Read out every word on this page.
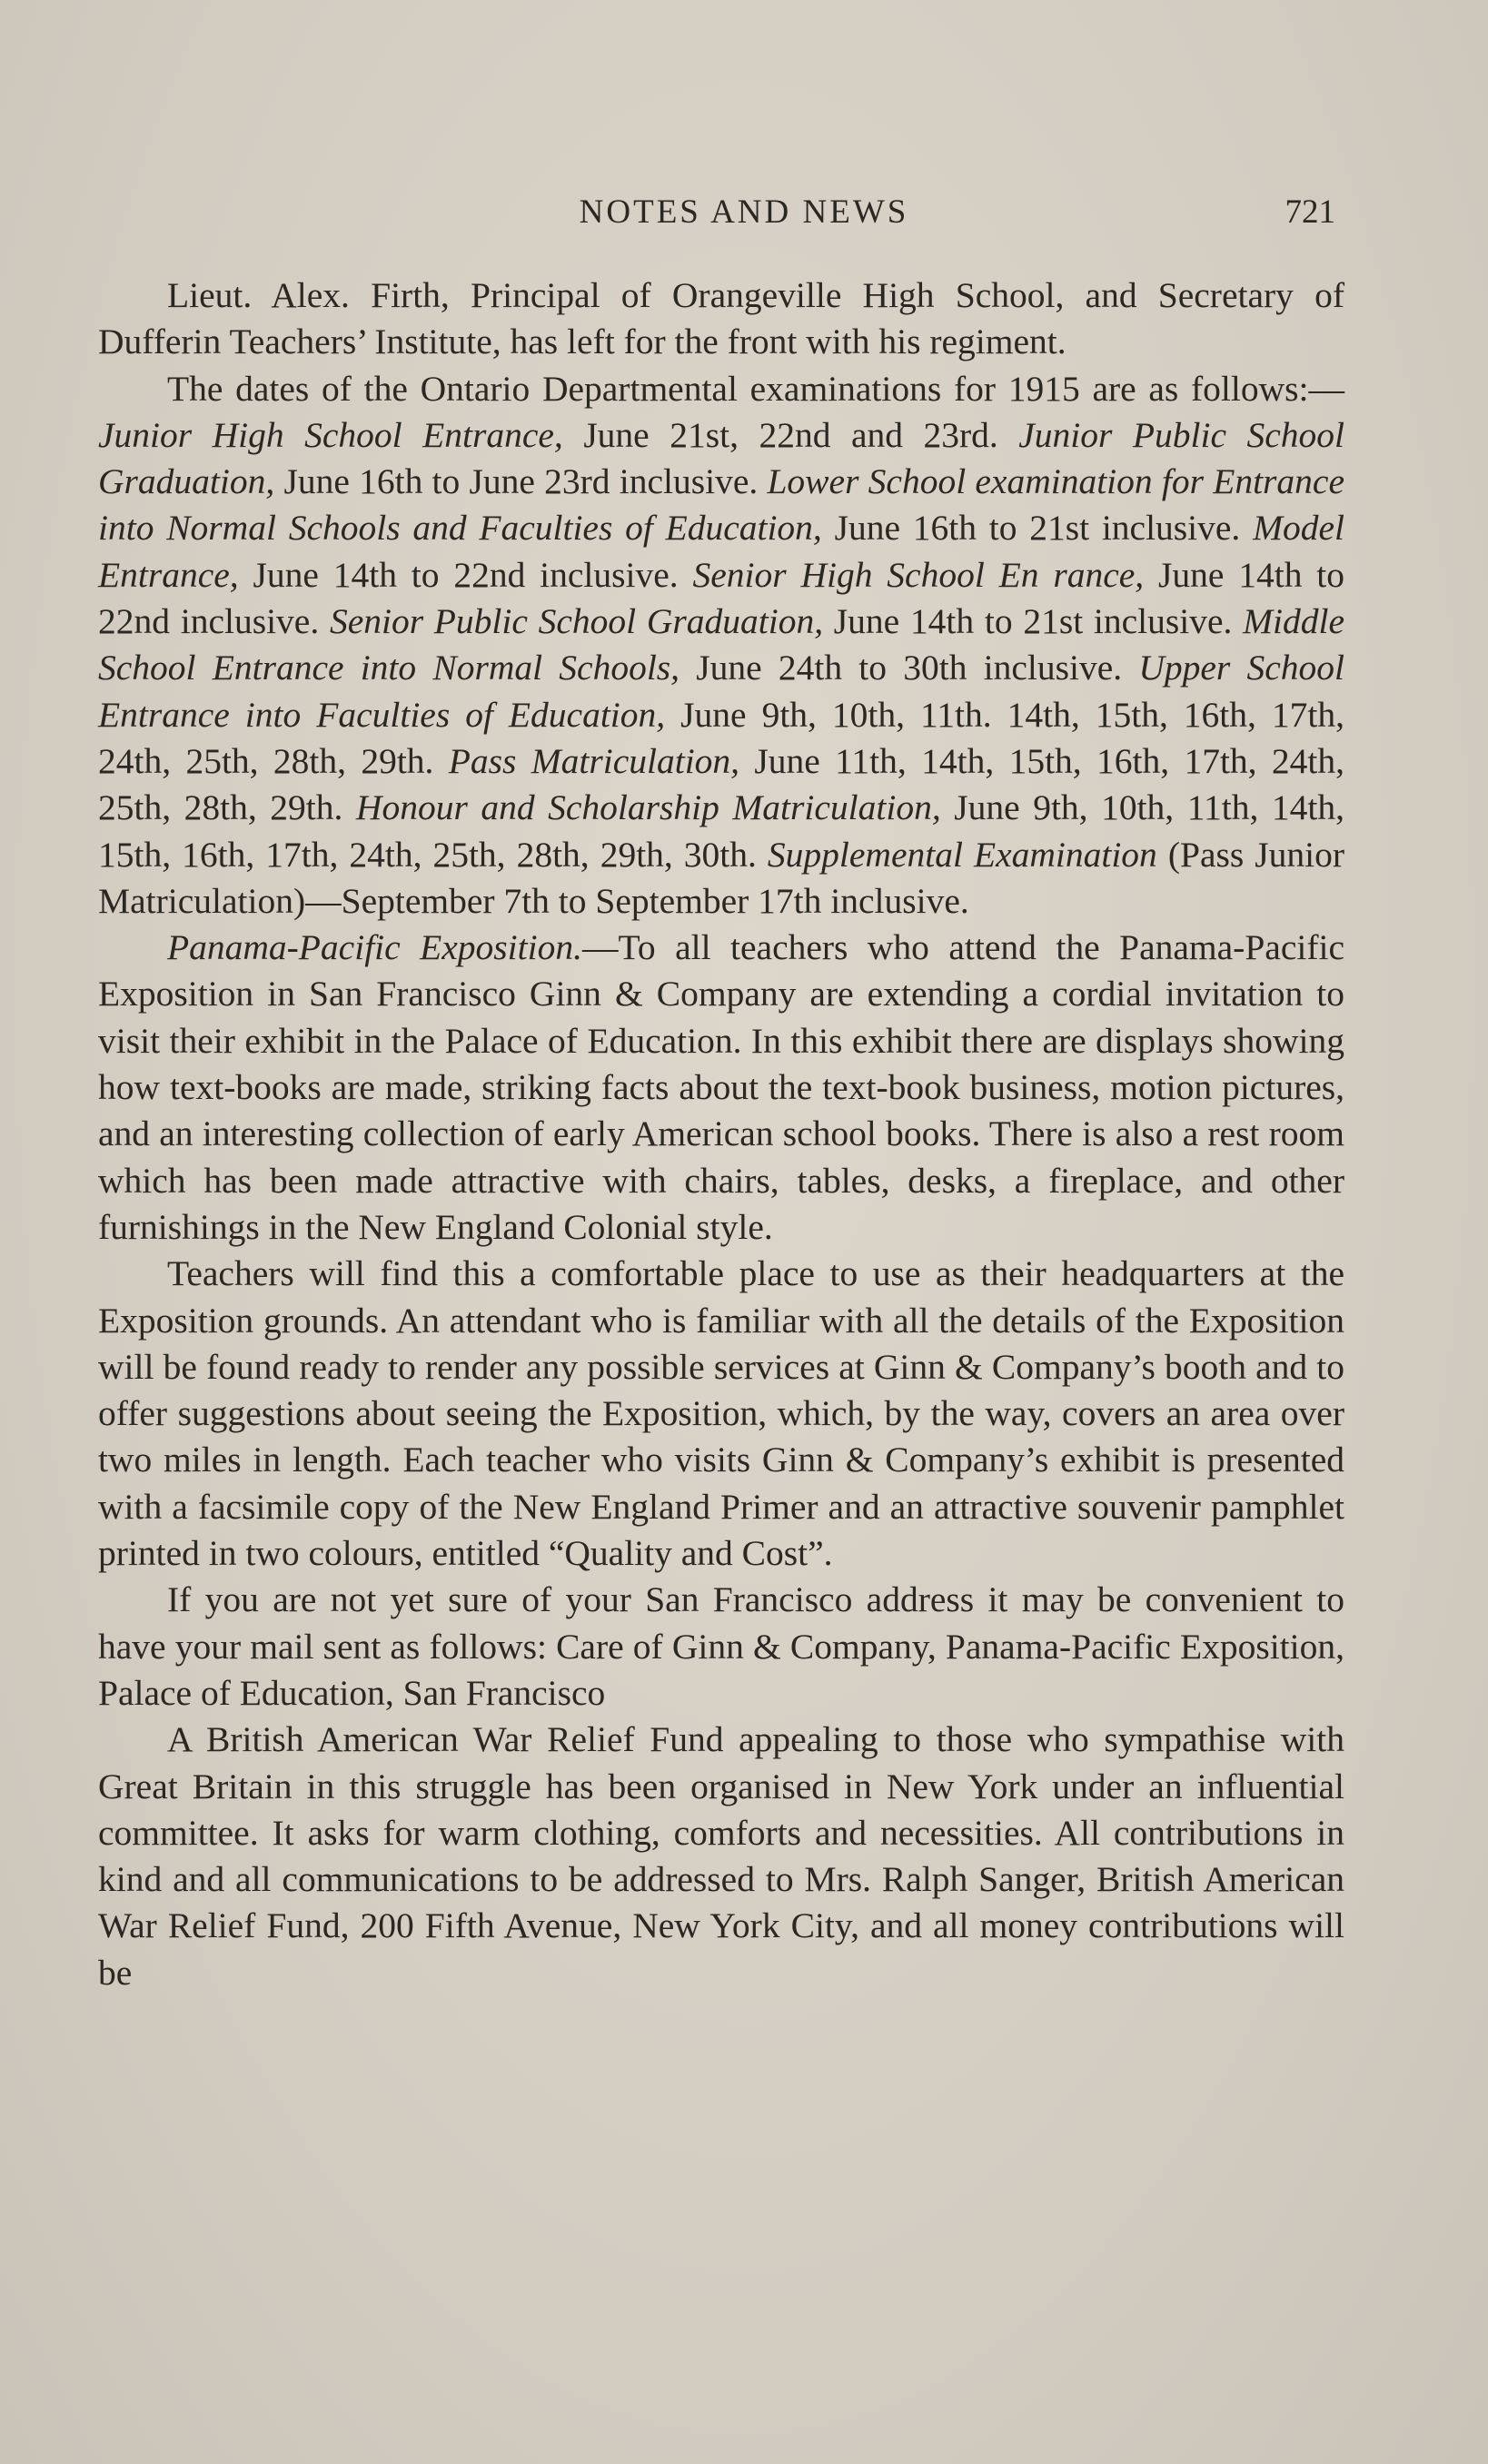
NOTES AND NEWS	721

Lieut. Alex. Firth, Principal of Orangeville High School, and Secretary of Dufferin Teachers’ Institute, has left for the front with his regiment.

The dates of the Ontario Departmental examinations for 1915 are as follows:—Junior High School Entrance, June 21st, 22nd and 23rd. Junior Public School Graduation, June 16th to June 23rd inclusive. Lower School examination for Entrance into Normal Schools and Faculties of Education, June 16th to 21st inclusive. Model Entrance, June 14th to 22nd inclusive. Senior High School En rance, June 14th to 22nd inclusive. Senior Public School Graduation, June 14th to 21st inclusive. Middle School Entrance into Normal Schools, June 24th to 30th inclusive. Upper School Entrance into Faculties of Education, June 9th, 10th, 11th. 14th, 15th, 16th, 17th, 24th, 25th, 28th, 29th. Pass Matriculation, June 11th, 14th, 15th, 16th, 17th, 24th, 25th, 28th, 29th. Honour and Scholarship Matriculation, June 9th, 10th, 11th, 14th, 15th, 16th, 17th, 24th, 25th, 28th, 29th, 30th. Supplemental Examination (Pass Junior Matriculation)—September 7th to September 17th inclusive.

Panama-Pacific Exposition.—To all teachers who attend the Panama-Pacific Exposition in San Francisco Ginn & Company are extending a cordial invitation to visit their exhibit in the Palace of Education. In this exhibit there are displays showing how text-books are made, striking facts about the text-book business, motion pictures, and an interesting collection of early American school books. There is also a rest room which has been made attractive with chairs, tables, desks, a fireplace, and other furnishings in the New England Colonial style.

Teachers will find this a comfortable place to use as their headquarters at the Exposition grounds. An attendant who is familiar with all the details of the Exposition will be found ready to render any possible services at Ginn & Company’s booth and to offer suggestions about seeing the Exposition, which, by the way, covers an area over two miles in length. Each teacher who visits Ginn & Company’s exhibit is presented with a facsimile copy of the New England Primer and an attractive souvenir pamphlet printed in two colours, entitled “Quality and Cost”.

If you are not yet sure of your San Francisco address it may be convenient to have your mail sent as follows: Care of Ginn & Company, Panama-Pacific Exposition, Palace of Education, San Francisco

A British American War Relief Fund appealing to those who sympathise with Great Britain in this struggle has been organised in New York under an influential committee. It asks for warm clothing, comforts and necessities. All contributions in kind and all communications to be addressed to Mrs. Ralph Sanger, British American War Relief Fund, 200 Fifth Avenue, New York City, and all money contributions will be
